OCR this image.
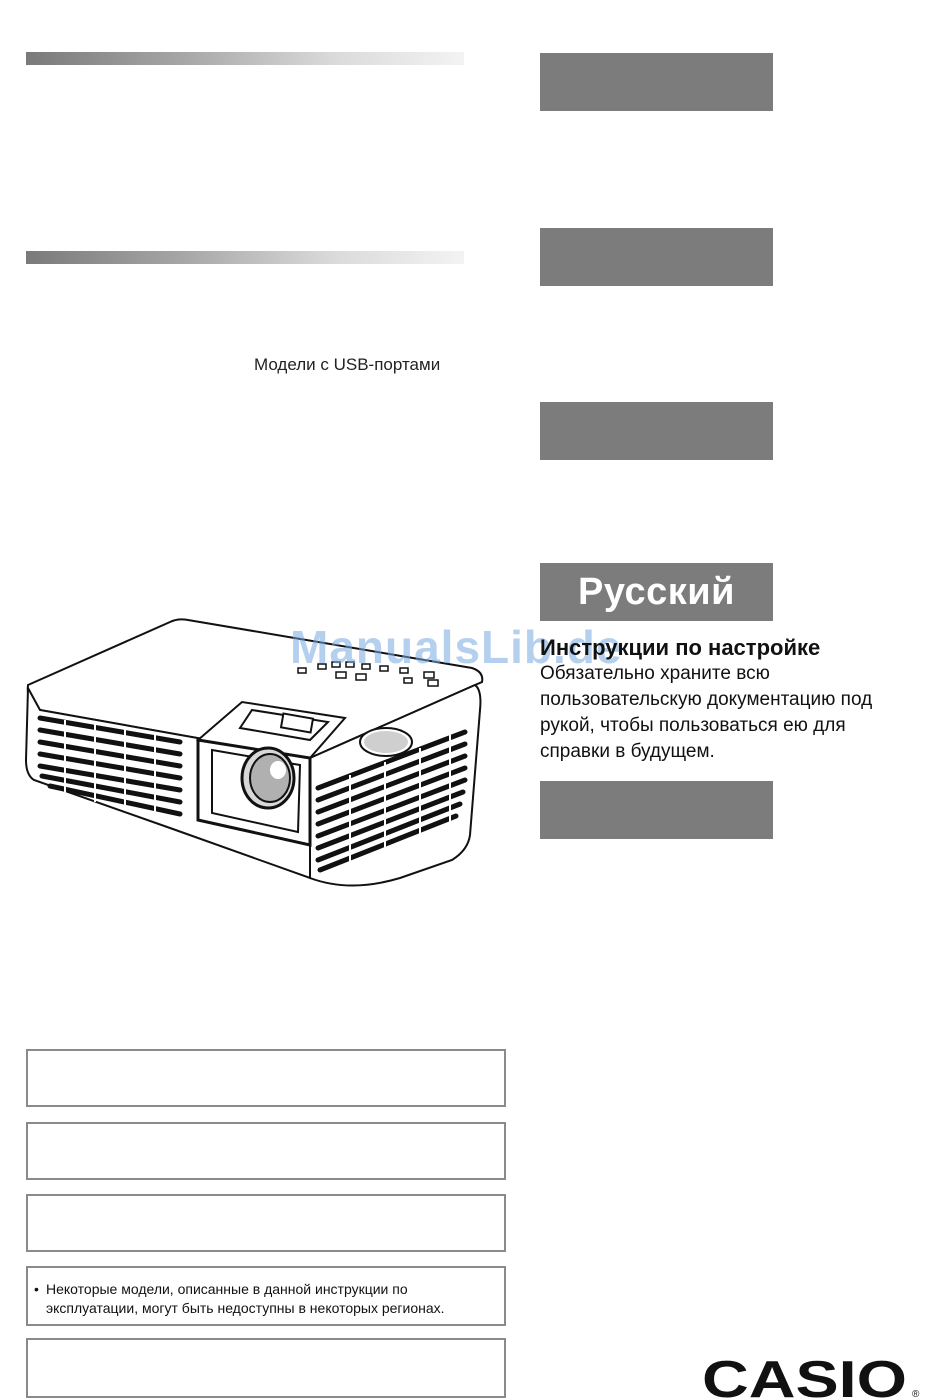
Модели с USB-портами
Русский
ManualsLib.de
Инструкции по настройке
Обязательно храните всю пользовательскую документацию под рукой, чтобы пользоваться ею для справки в будущем.
• Некоторые модели, описанные в данной инструкции по
эксплуатации, могут быть недоступны в некоторых регионах.
CASIO ®
